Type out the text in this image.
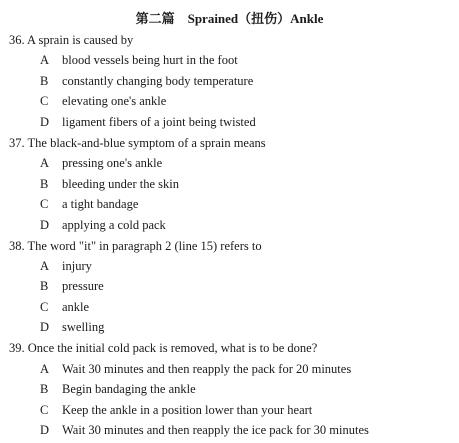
第二篇　Sprained（扭伤）Ankle
36. A sprain is caused by
A blood vessels being hurt in the foot
B constantly changing body temperature
C elevating one's ankle
D ligament fibers of a joint being twisted
37. The black-and-blue symptom of a sprain means
A pressing one's ankle
B bleeding under the skin
C a tight bandage
D applying a cold pack
38. The word "it" in paragraph 2 (line 15) refers to
A injury
B pressure
C ankle
D swelling
39. Once the initial cold pack is removed, what is to be done?
A Wait 30 minutes and then reapply the pack for 20 minutes
B Begin bandaging the ankle
C Keep the ankle in a position lower than your heart
D Wait 30 minutes and then reapply the ice pack for 30 minutes
